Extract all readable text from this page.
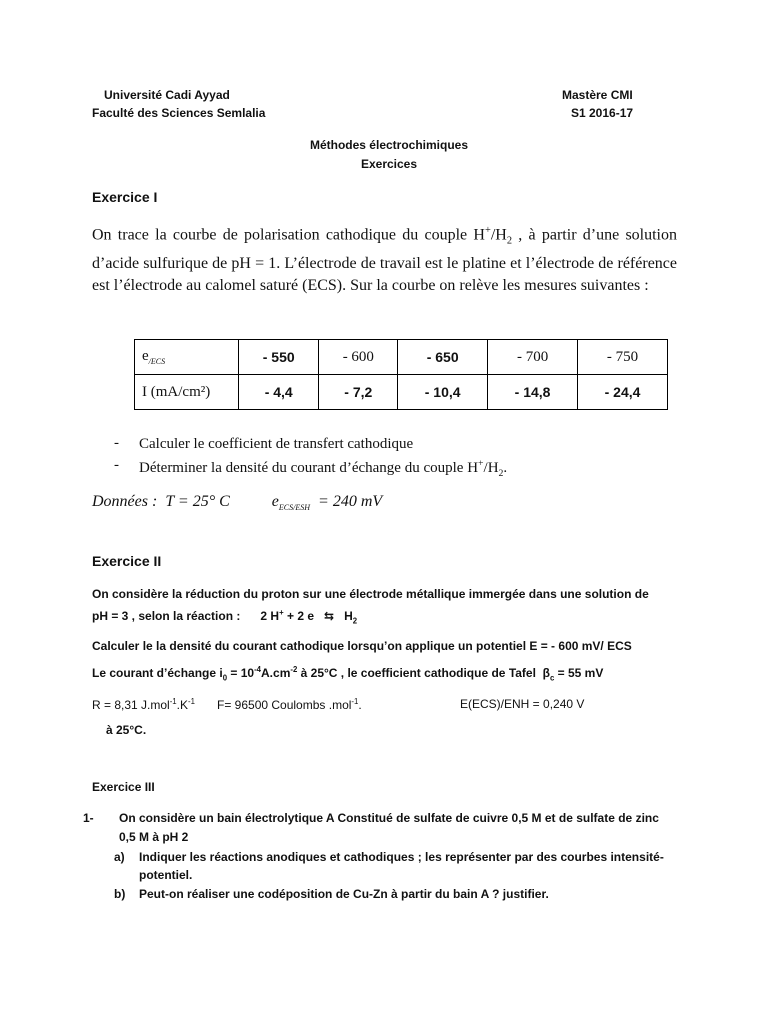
Université Cadi Ayyad
Faculté des Sciences Semlalia
Mastère CMI
S1 2016-17
Méthodes électrochimiques
Exercices
Exercice I
On trace la courbe de polarisation cathodique du couple $H^+/H_2$ , à partir d’une solution d’acide sulfurique de pH = 1. L’électrode de travail est le platine et l’électrode de référence est l’électrode au calomel saturé (ECS). Sur la courbe on relève les mesures suivantes :
$e_{/ECS}$	- 550	- 600	- 650	- 700	- 750
I (mA/cm²)	- 4,4	- 7,2	- 10,4	- 14,8	- 24,4
- Calculer le coefficient de transfert cathodique
- Déterminer la densité du courant d’échange du couple $H^+/H_2$.
Données : T = 25° C	$e_{ECS/ESH} = 240$ mV
Exercice II
On considère la réduction du proton sur une électrode métallique immergée dans une solution de
pH = 3 , selon la réaction : 2 H+ + 2 e ⇆ $H_2$
Calculer le la densité du courant cathodique lorsqu’on applique un potentiel E = - 600 mV/ ECS
Le courant d’échange $i_0 = 10^{-4}A.cm^{-2}$ à 25°C , le coefficient cathodique de Tafel $\beta_c = 55$ mV
R = 8,31 $J.mol^{-1}.K^{-1}$ F= 96500 Coulombs .mol$^{-1}$.	E(ECS)/ENH = 0,240 V
à 25°C.
Exercice III
1- On considère un bain électrolytique A Constitué de sulfate de cuivre 0,5 M et de sulfate de zinc
0,5 M à pH 2
a) Indiquer les réactions anodiques et cathodiques ; les représenter par des courbes intensité-
potentiel.
b) Peut-on réaliser une codéposition de Cu-Zn à partir du bain A ? justifier.
